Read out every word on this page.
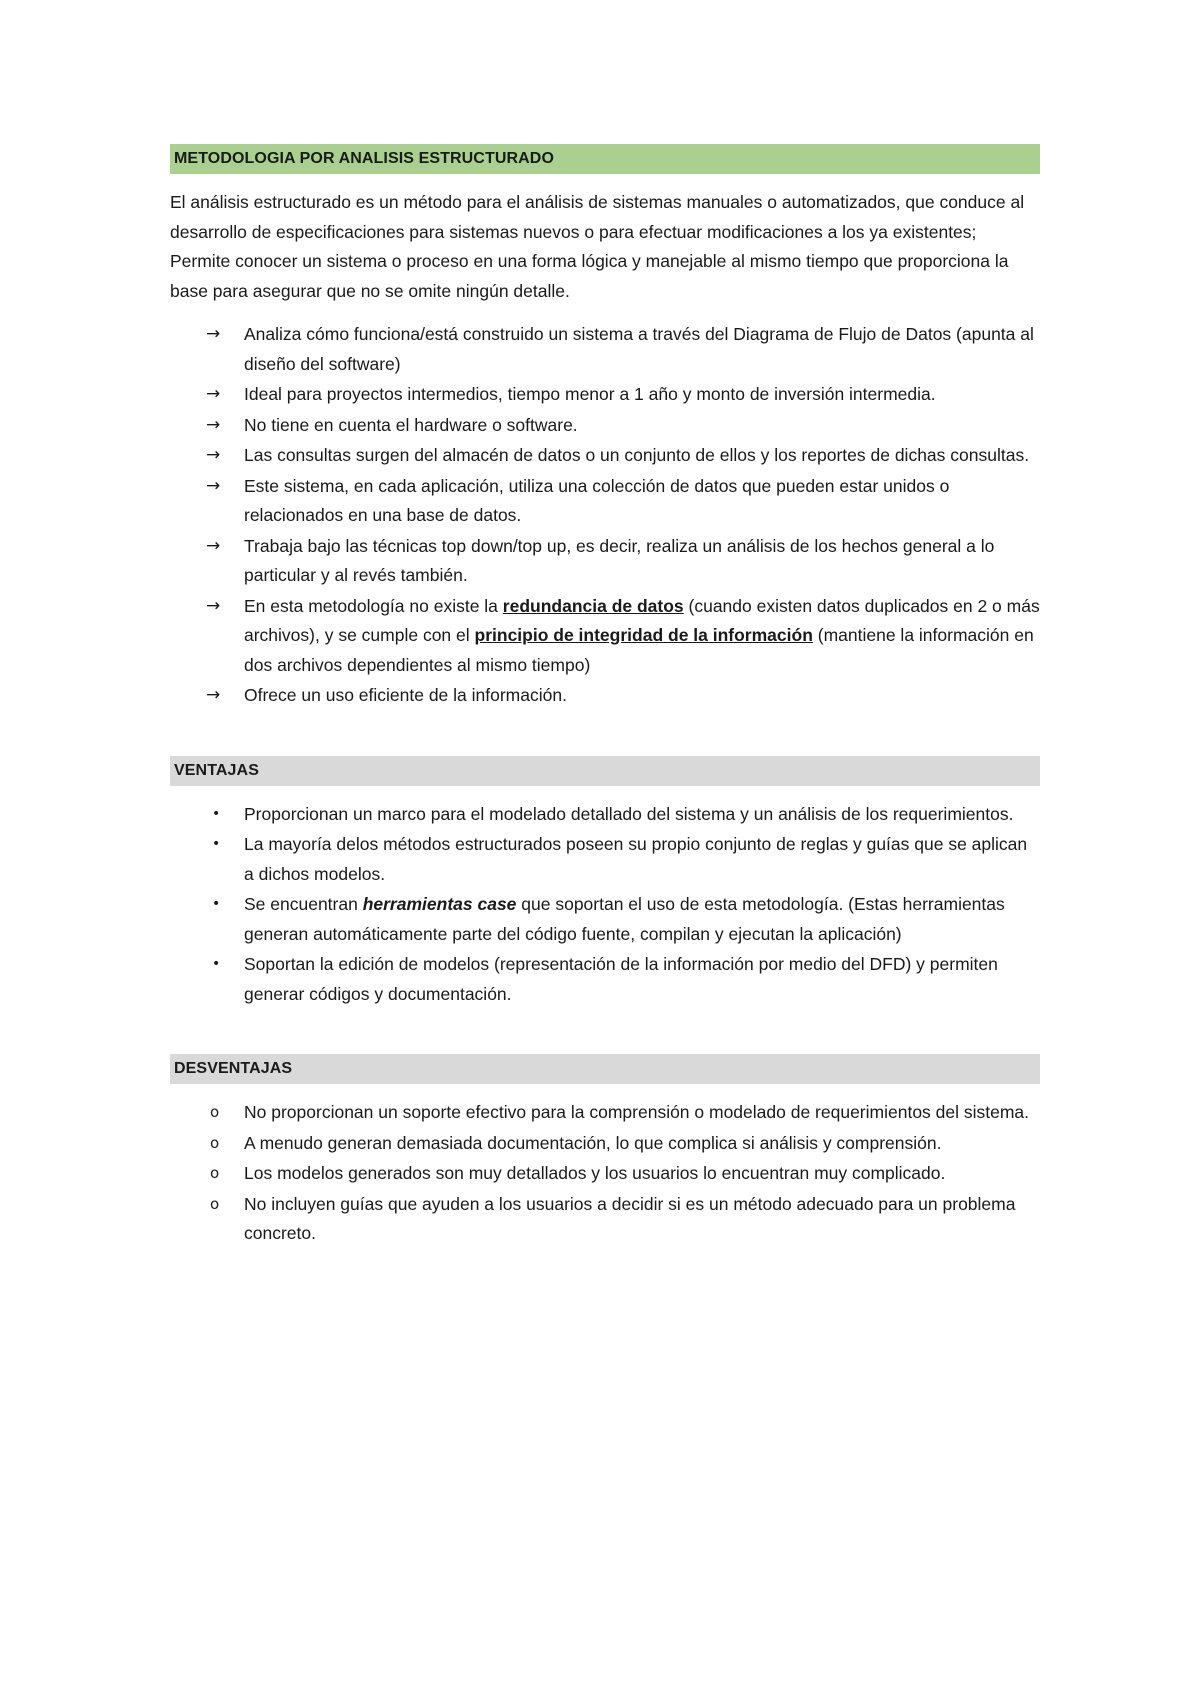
METODOLOGIA POR ANALISIS ESTRUCTURADO

El análisis estructurado es un método para el análisis de sistemas manuales o automatizados, que conduce al desarrollo de especificaciones para sistemas nuevos o para efectuar modificaciones a los ya existentes; Permite conocer un sistema o proceso en una forma lógica y manejable al mismo tiempo que proporciona la base para asegurar que no se omite ningún detalle.

→	Analiza cómo funciona/está construido un sistema a través del Diagrama de Flujo de Datos (apunta al diseño del software)
→	Ideal para proyectos intermedios, tiempo menor a 1 año y monto de inversión intermedia.
→	No tiene en cuenta el hardware o software.
→	Las consultas surgen del almacén de datos o un conjunto de ellos y los reportes de dichas consultas.
→	Este sistema, en cada aplicación, utiliza una colección de datos que pueden estar unidos o relacionados en una base de datos.
→	Trabaja bajo las técnicas top down/top up, es decir, realiza un análisis de los hechos general a lo particular y al revés también.
→	En esta metodología no existe la redundancia de datos (cuando existen datos duplicados en 2 o más archivos), y se cumple con el principio de integridad de la información (mantiene la información en dos archivos dependientes al mismo tiempo)
→	Ofrece un uso eficiente de la información.
VENTAJAS
•	Proporcionan un marco para el modelado detallado del sistema y un análisis de los requerimientos.
•	La mayoría delos métodos estructurados poseen su propio conjunto de reglas y guías que se aplican a dichos modelos.
•	Se encuentran herramientas case que soportan el uso de esta metodología. (Estas herramientas generan automáticamente parte del código fuente, compilan y ejecutan la aplicación)
•	Soportan la edición de modelos (representación de la información por medio del DFD) y permiten generar códigos y documentación.
DESVENTAJAS
o	No proporcionan un soporte efectivo para la comprensión o modelado de requerimientos del sistema.
o	A menudo generan demasiada documentación, lo que complica si análisis y comprensión.
o	Los modelos generados son muy detallados y los usuarios lo encuentran muy complicado.
o	No incluyen guías que ayuden a los usuarios a decidir si es un método adecuado para un problema concreto.
